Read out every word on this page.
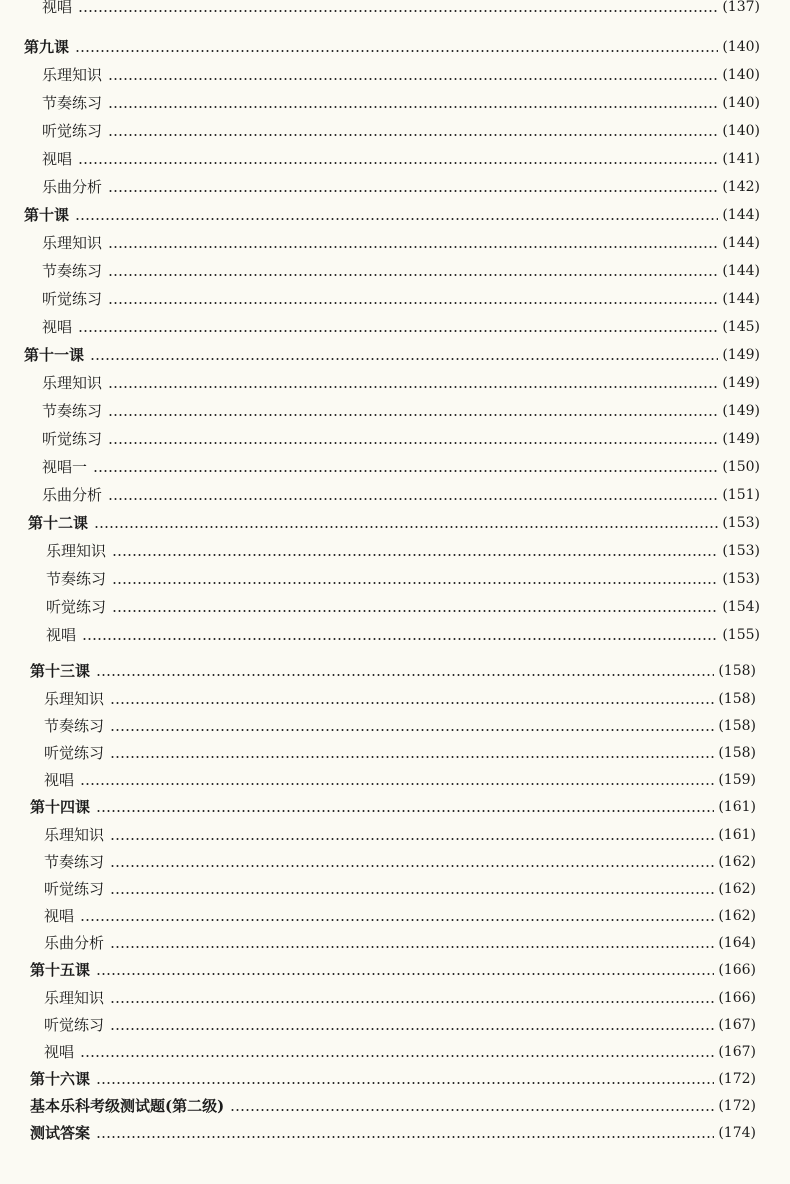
视唱	(137)
第九课	(140)
乐理知识	(140)
节奏练习	(140)
听觉练习	(140)
视唱	(141)
乐曲分析	(142)
第十课	(144)
乐理知识	(144)
节奏练习	(144)
听觉练习	(144)
视唱	(145)
第十一课	(149)
乐理知识	(149)
节奏练习	(149)
听觉练习	(149)
视唱一	(150)
乐曲分析	(151)
第十二课	(153)
乐理知识	(153)
节奏练习	(153)
听觉练习	(154)
视唱	(155)
第十三课	(158)
乐理知识	(158)
节奏练习	(158)
听觉练习	(158)
视唱	(159)
第十四课	(161)
乐理知识	(161)
节奏练习	(162)
听觉练习	(162)
视唱	(162)
乐曲分析	(164)
第十五课	(166)
乐理知识	(166)
听觉练习	(167)
视唱	(167)
第十六课	(172)
基本乐科考级测试题(第二级)	(172)
测试答案	(174)
